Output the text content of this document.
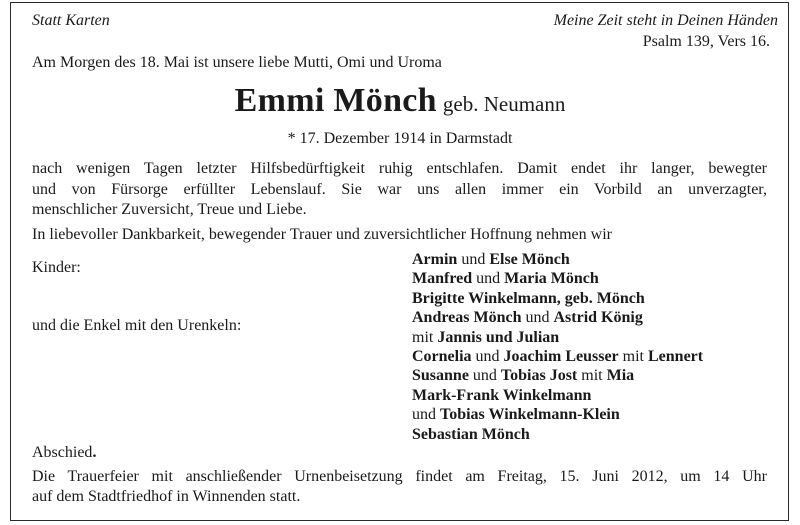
Statt Karten	Meine Zeit steht in Deinen Händen
Psalm 139, Vers 16.
Am Morgen des 18. Mai ist unsere liebe Mutti, Omi und Uroma
Emmi Mönch geb. Neumann
* 17. Dezember 1914 in Darmstadt
nach wenigen Tagen letzter Hilfsbedürftigkeit ruhig entschlafen. Damit endet ihr langer, bewegter
und von Fürsorge erfüllter Lebenslauf. Sie war uns allen immer ein Vorbild an unverzagter,
menschlicher Zuversicht, Treue und Liebe.
In liebevoller Dankbarkeit, bewegender Trauer und zuversichtlicher Hoffnung nehmen wir
Kinder:
und die Enkel mit den Urenkeln:
Armin und Else Mönch
Manfred und Maria Mönch
Brigitte Winkelmann, geb. Mönch
Andreas Mönch und Astrid König
mit Jannis und Julian
Cornelia und Joachim Leusser mit Lennert
Susanne und Tobias Jost mit Mia
Mark-Frank Winkelmann
und Tobias Winkelmann-Klein
Sebastian Mönch
Abschied.
Die Trauerfeier mit anschließender Urnenbeisetzung findet am Freitag, 15. Juni 2012, um 14 Uhr
auf dem Stadtfriedhof in Winnenden statt.
